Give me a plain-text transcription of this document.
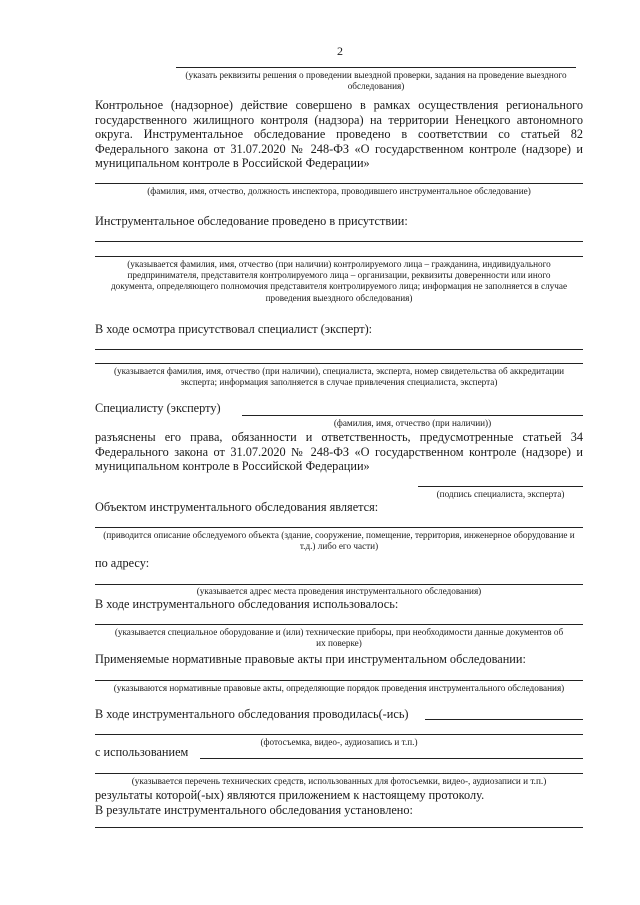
2
(указать реквизиты решения о проведении выездной проверки, задания на проведение выездного обследования)
Контрольное (надзорное) действие совершено в рамках осуществления регионального государственного жилищного контроля (надзора) на территории Ненецкого автономного округа. Инструментальное обследование проведено в соответствии со статьей 82 Федерального закона от 31.07.2020 № 248-ФЗ «О государственном контроле (надзоре) и муниципальном контроле в Российской Федерации»
(фамилия, имя, отчество, должность инспектора, проводившего инструментальное обследование)
Инструментальное обследование проведено в присутствии:
(указывается фамилия, имя, отчество (при наличии) контролируемого лица – гражданина, индивидуального предпринимателя, представителя контролируемого лица – организации, реквизиты доверенности или иного документа, определяющего полномочия представителя контролируемого лица; информация не заполняется в случае проведения выездного обследования)
В ходе осмотра присутствовал специалист (эксперт):
(указывается фамилия, имя, отчество (при наличии), специалиста, эксперта, номер свидетельства об аккредитации эксперта; информация заполняется в случае привлечения специалиста, эксперта)
Специалисту (эксперту)
(фамилия, имя, отчество (при наличии))
разъяснены его права, обязанности и ответственность, предусмотренные статьей 34 Федерального закона от 31.07.2020 № 248-ФЗ «О государственном контроле (надзоре) и муниципальном контроле в Российской Федерации»
(подпись специалиста, эксперта)
Объектом инструментального обследования является:
(приводится описание обследуемого объекта (здание, сооружение, помещение, территория, инженерное оборудование и т.д.) либо его части)
по адресу:
(указывается адрес места проведения инструментального обследования)
В ходе инструментального обследования использовалось:
(указывается специальное оборудование и (или) технические приборы, при необходимости данные документов об их поверке)
Применяемые нормативные правовые акты при инструментальном обследовании:
(указываются нормативные правовые акты, определяющие порядок проведения инструментального обследования)
В ходе инструментального обследования проводилась(-ись)
(фотосъемка, видео-, аудиозапись и т.п.)
с использованием
(указывается перечень технических средств, использованных для фотосъемки, видео-, аудиозаписи и т.п.)
результаты которой(-ых) являются приложением к настоящему протоколу.
В результате инструментального обследования установлено:
